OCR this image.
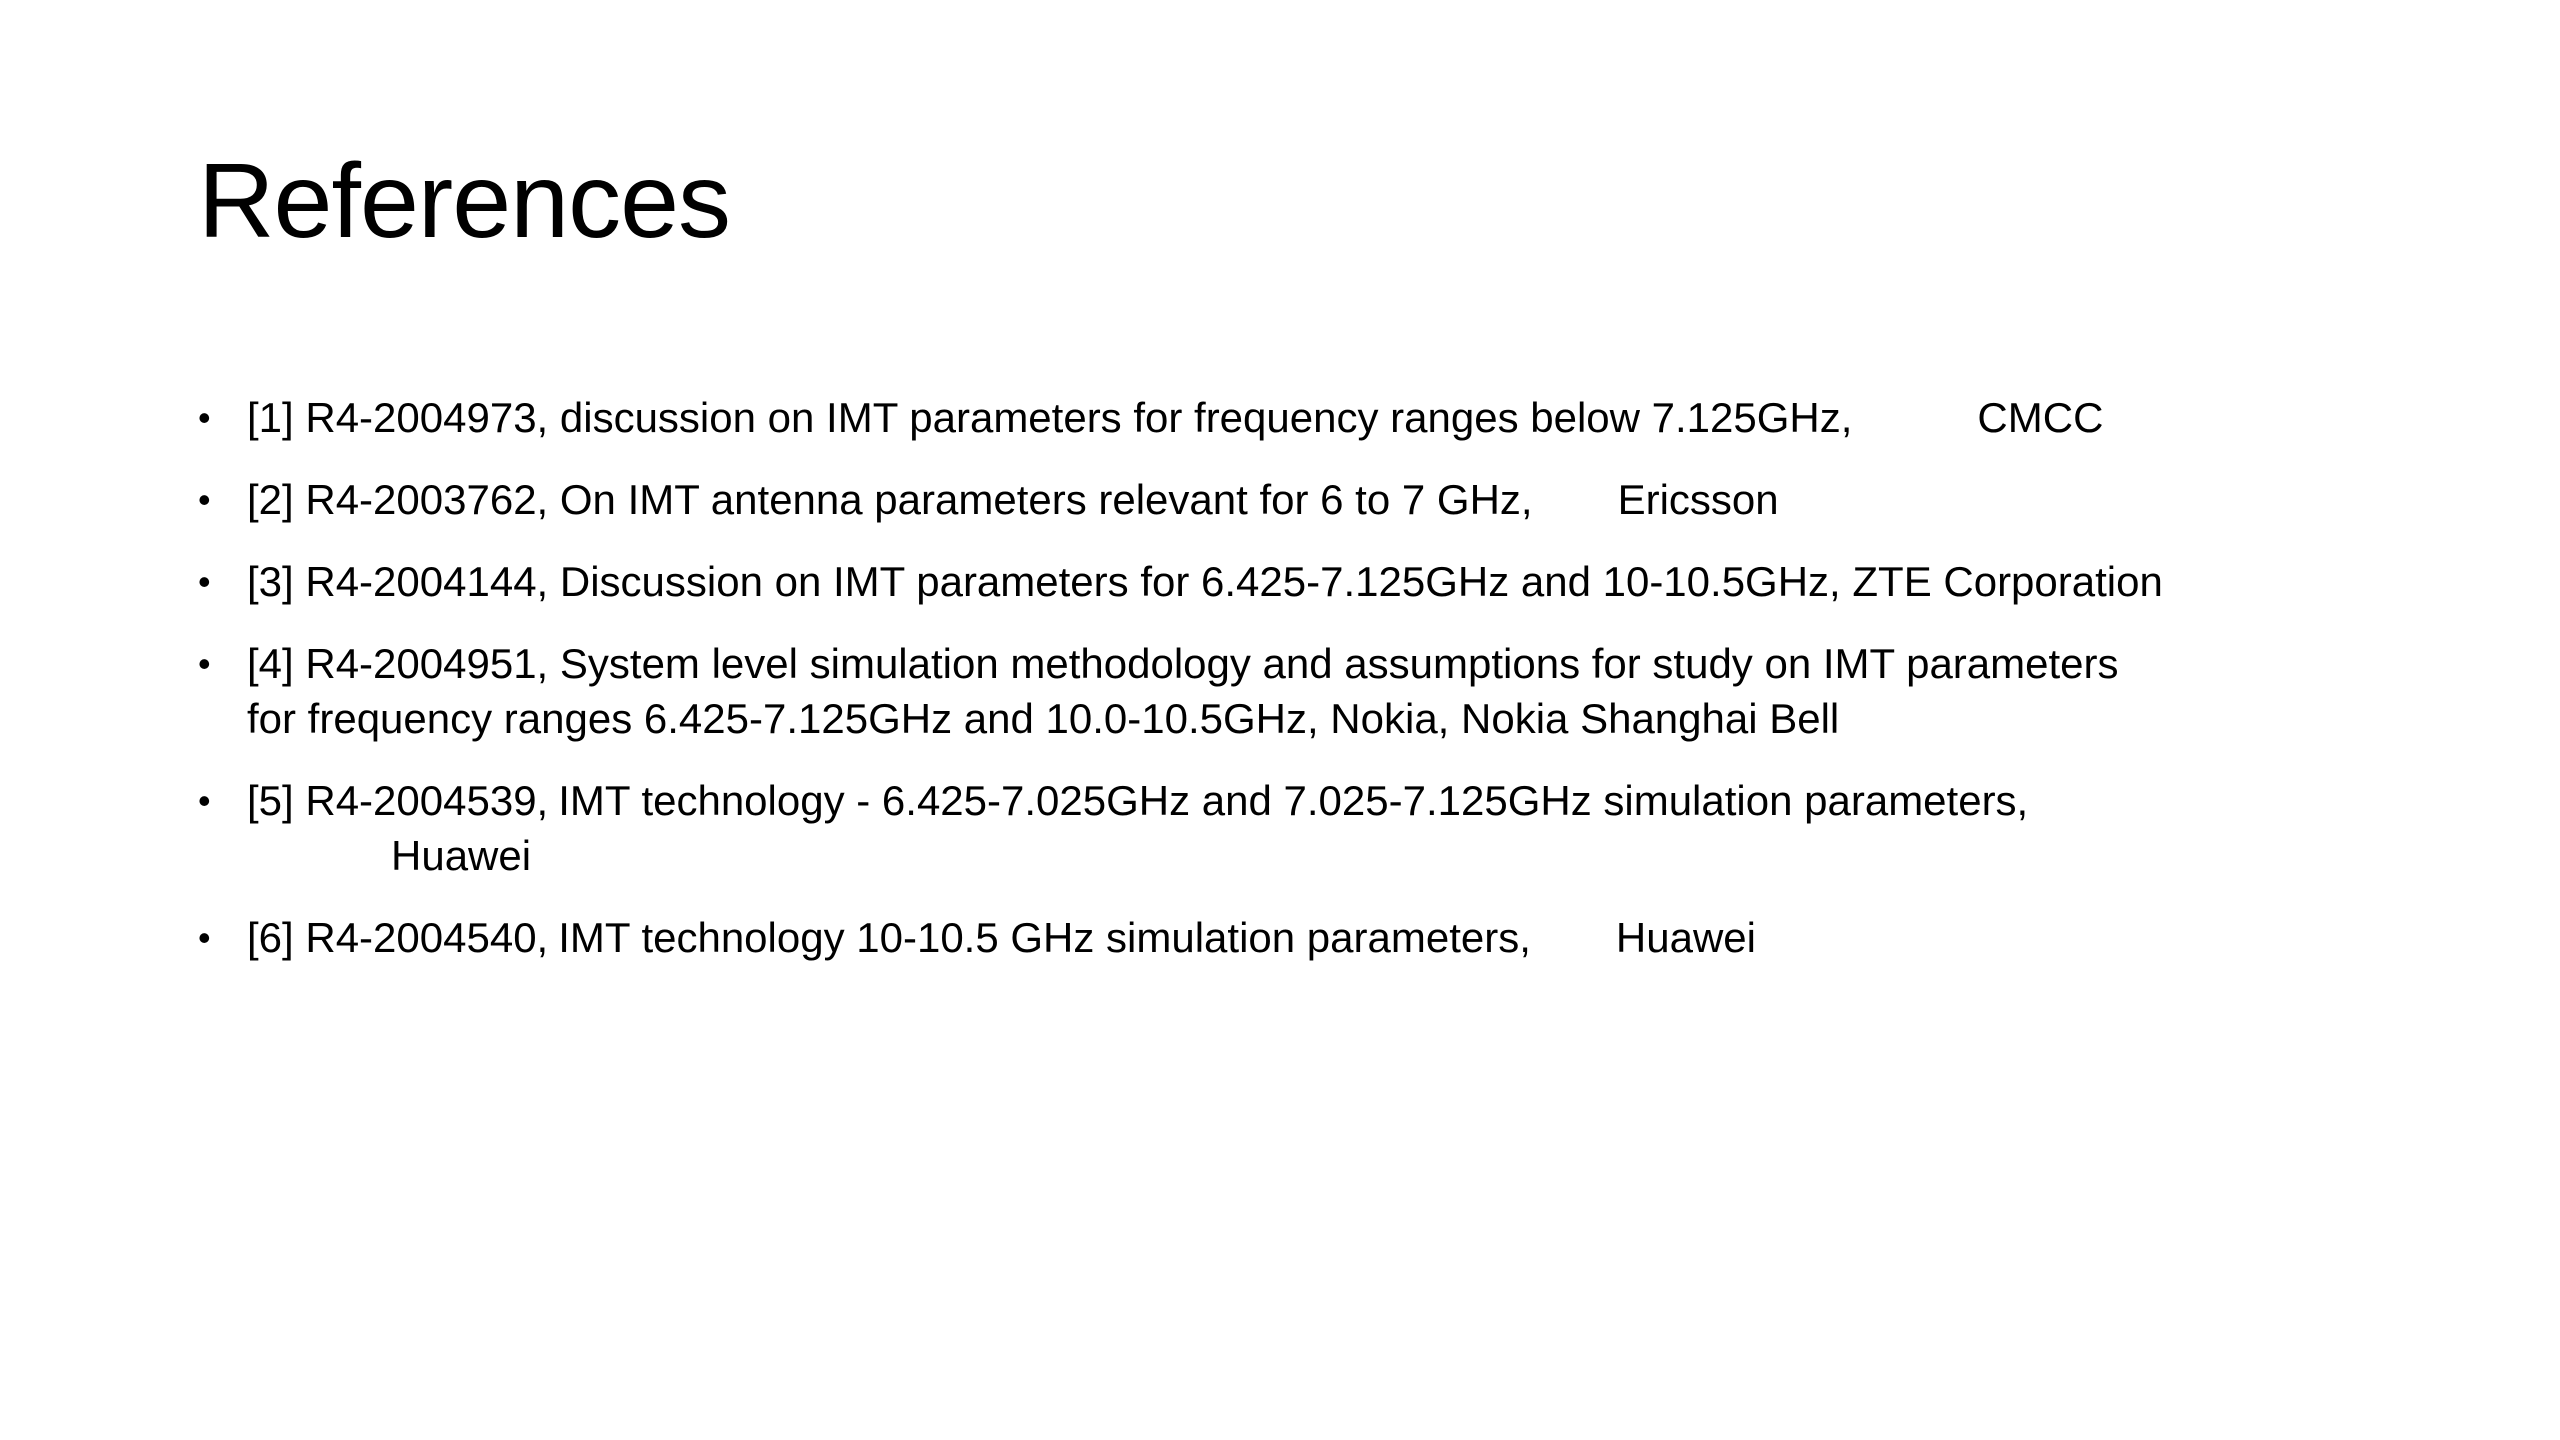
References
• [1] R4-2004973, discussion on IMT parameters for frequency ranges below 7.125GHz,	CMCC
• [2] R4-2003762, On IMT antenna parameters relevant for 6 to 7 GHz, Ericsson
• [3] R4-2004144, Discussion on IMT parameters for 6.425-7.125GHz and 10-10.5GHz, ZTE Corporation
• [4] R4-2004951, System level simulation methodology and assumptions for study on IMT parameters
for frequency ranges 6.425-7.125GHz and 10.0-10.5GHz, Nokia, Nokia Shanghai Bell
• [5] R4-2004539, IMT technology - 6.425-7.025GHz and 7.025-7.125GHz simulation parameters,
Huawei
• [6] R4-2004540, IMT technology 10-10.5 GHz simulation parameters, Huawei
